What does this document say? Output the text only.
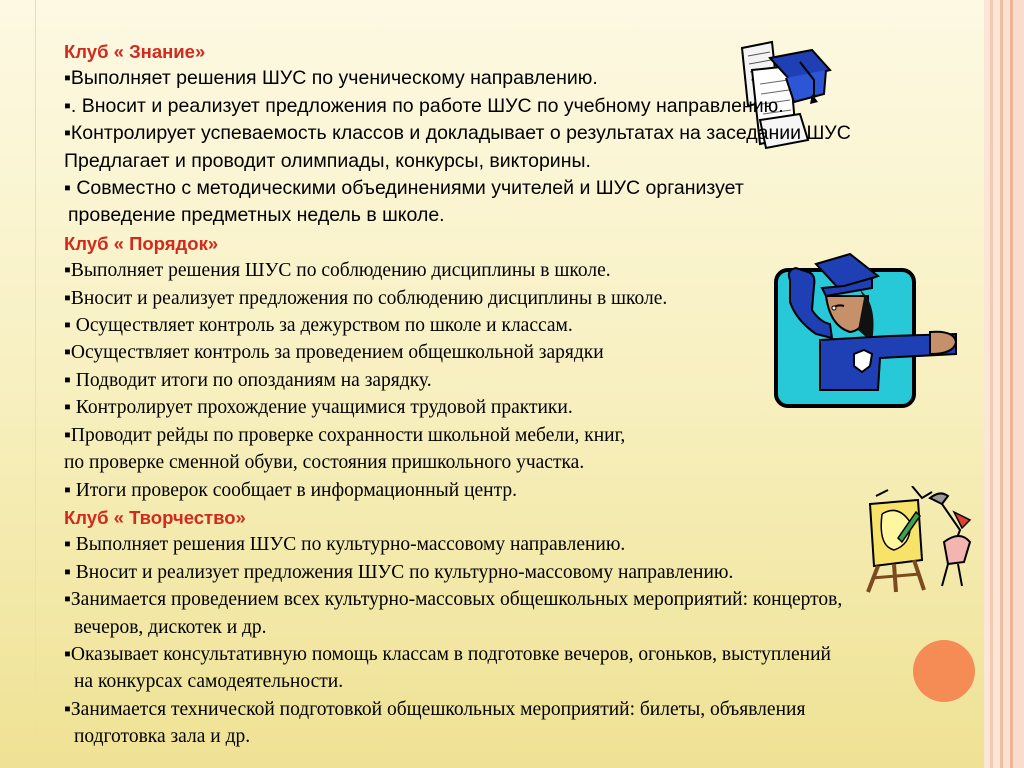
Клуб « Знание»
▪Выполняет решения ШУС по ученическому направлению.
▪. Вносит и реализует предложения по работе ШУС по учебному направлению.
▪Контролирует успеваемость классов и докладывает о результатах на заседании ШУС
Предлагает и проводит олимпиады, конкурсы, викторины.
▪ Совместно с методическими объединениями учителей и ШУС организует
проведение предметных недель в школе.
Клуб « Порядок»
▪Выполняет решения ШУС по соблюдению дисциплины в школе.
▪Вносит и реализует предложения по соблюдению дисциплины в школе.
▪ Осуществляет контроль за дежурством по школе и классам.
▪Осуществляет контроль за проведением общешкольной зарядки
▪ Подводит итоги по опозданиям на зарядку.
▪ Контролирует прохождение учащимися трудовой практики.
▪Проводит рейды по проверке сохранности школьной мебели, книг,
по проверке сменной обуви, состояния пришкольного участка.
▪ Итоги проверок сообщает в информационный центр.
Клуб « Творчество»
▪ Выполняет решения ШУС по культурно-массовому направлению.
▪ Вносит и реализует предложения ШУС по культурно-массовому направлению.
▪Занимается проведением всех культурно-массовых общешкольных мероприятий: концертов,
вечеров, дискотек и др.
▪Оказывает консультативную помощь классам в подготовке вечеров, огоньков, выступлений
на конкурсах самодеятельности.
▪Занимается технической подготовкой общешкольных мероприятий: билеты, объявления
подготовка зала и др.
